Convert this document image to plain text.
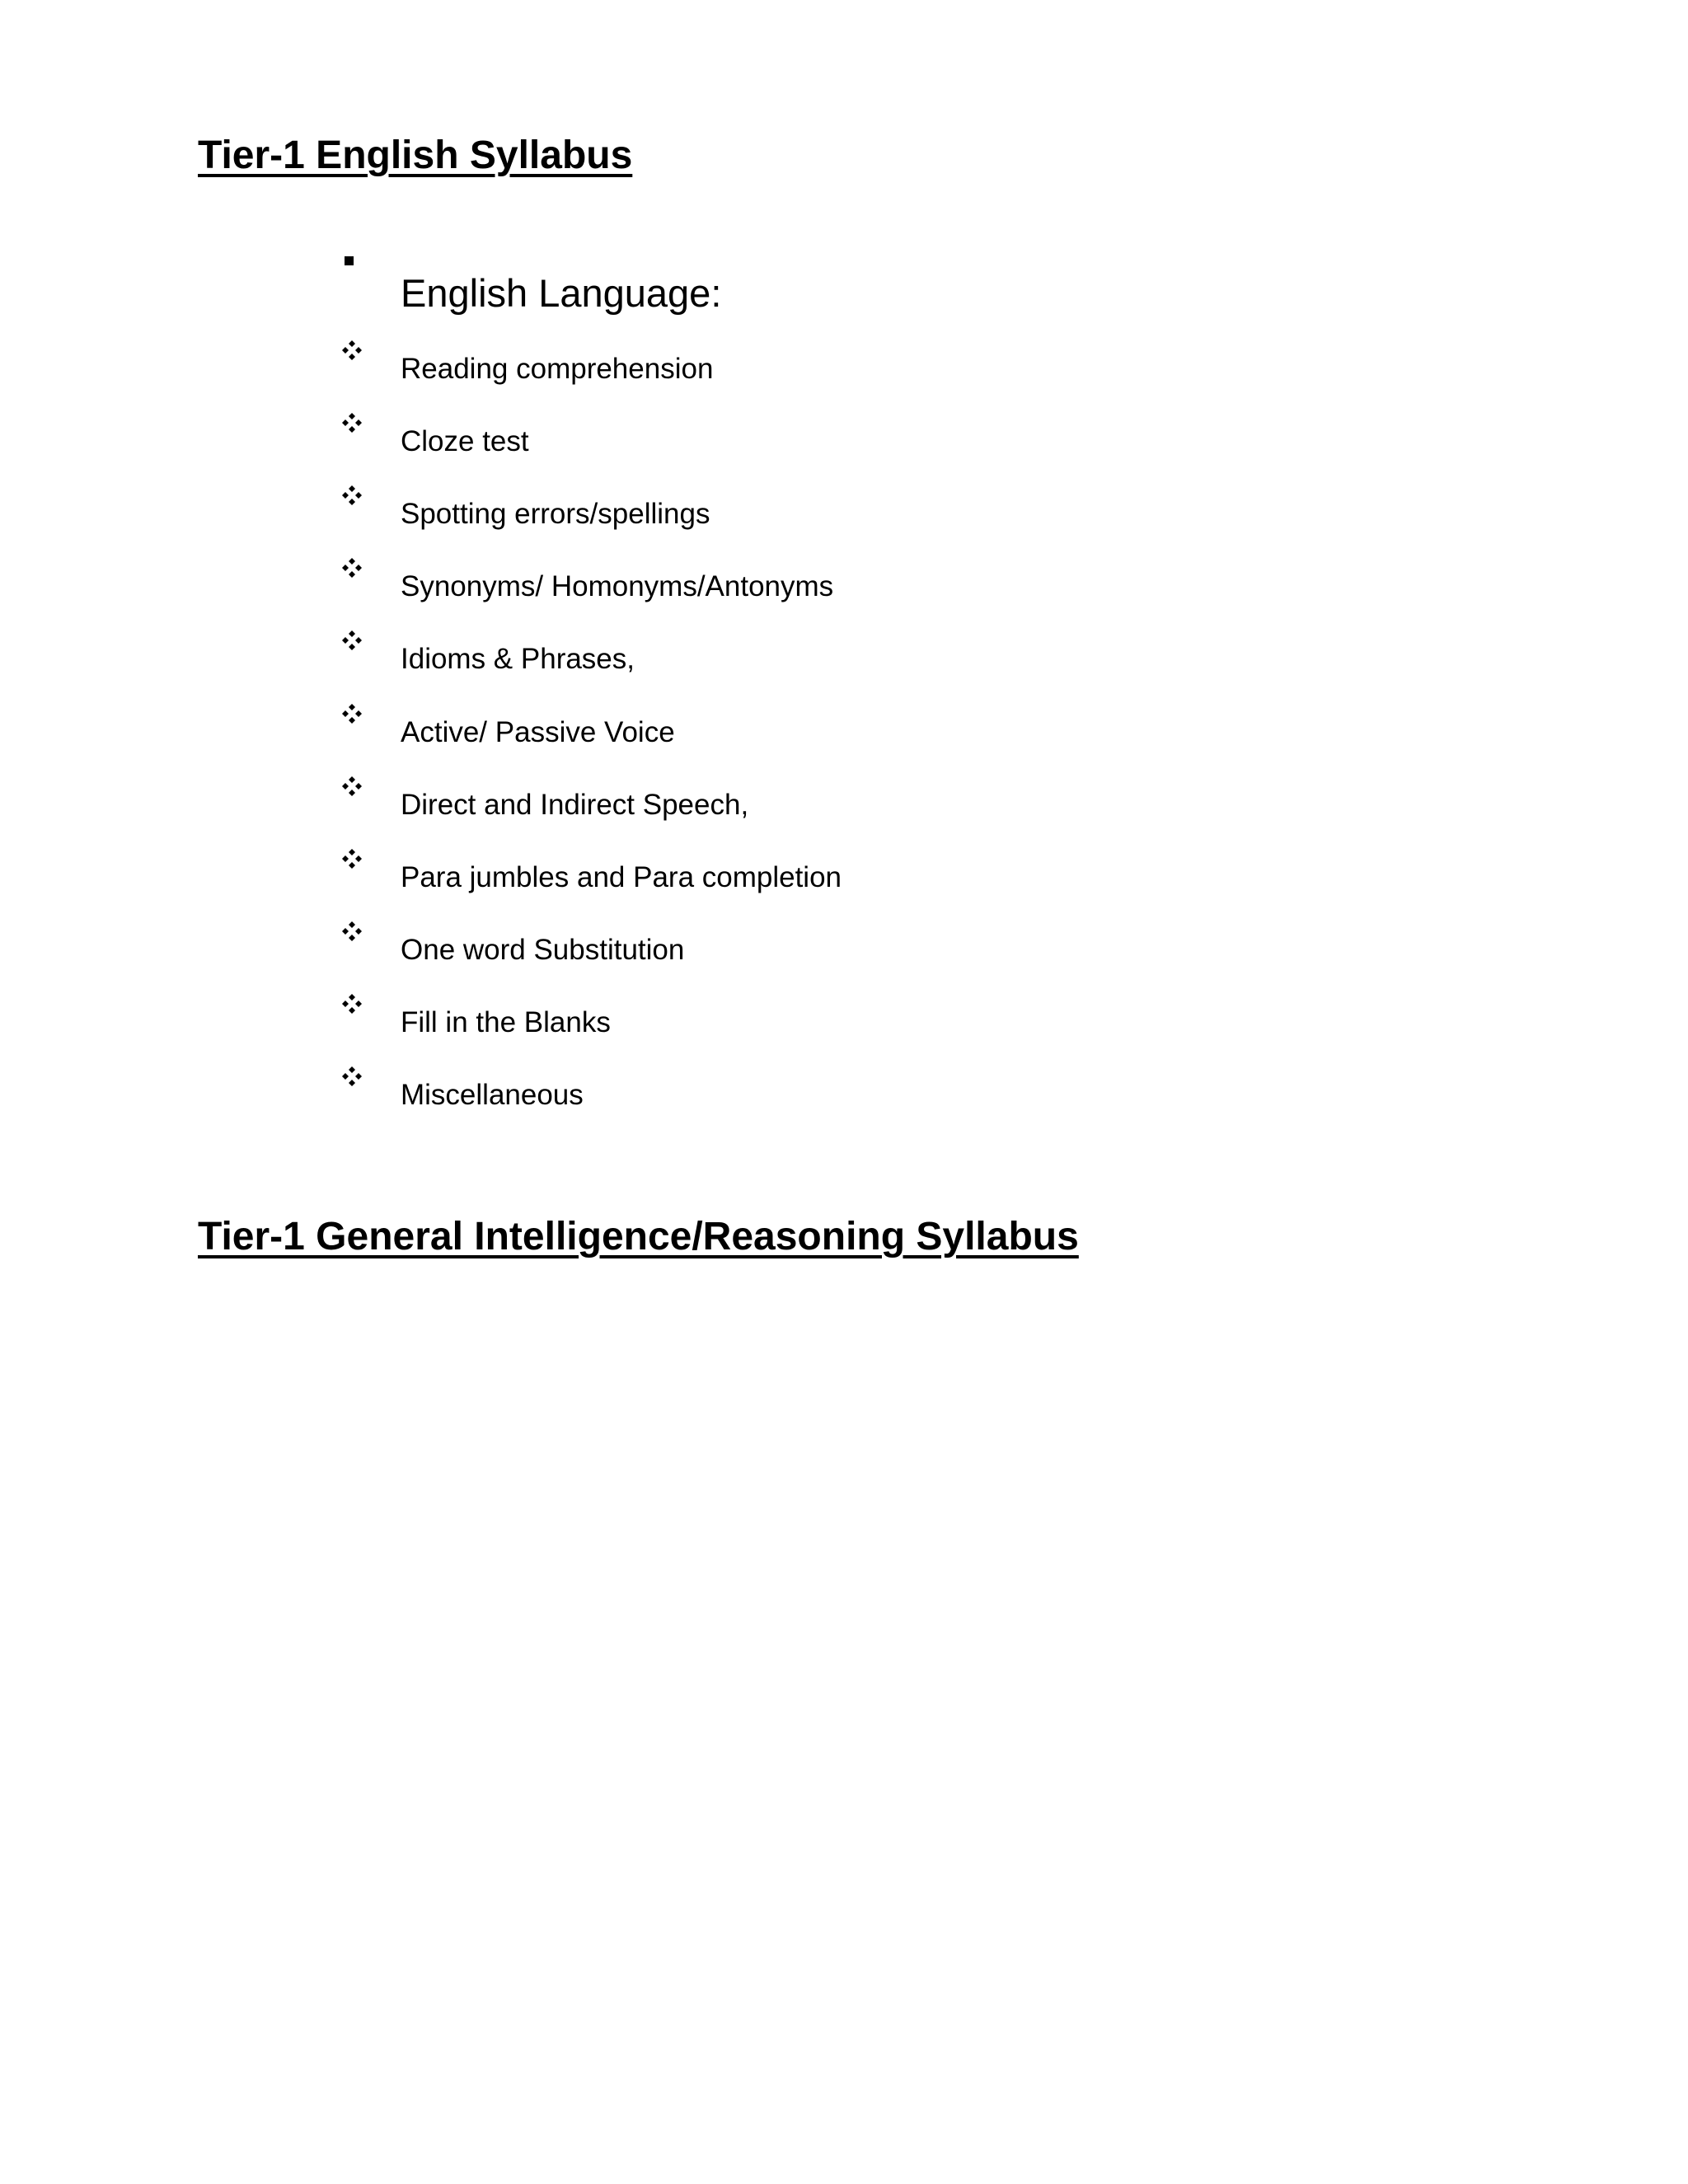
Tier-1 English Syllabus
English Language:
Reading comprehension
Cloze test
Spotting errors/spellings
Synonyms/ Homonyms/Antonyms
Idioms & Phrases,
Active/ Passive Voice
Direct and Indirect Speech,
Para jumbles and Para completion
One word Substitution
Fill in the Blanks
Miscellaneous
Tier-1 General Intelligence/Reasoning Syllabus
